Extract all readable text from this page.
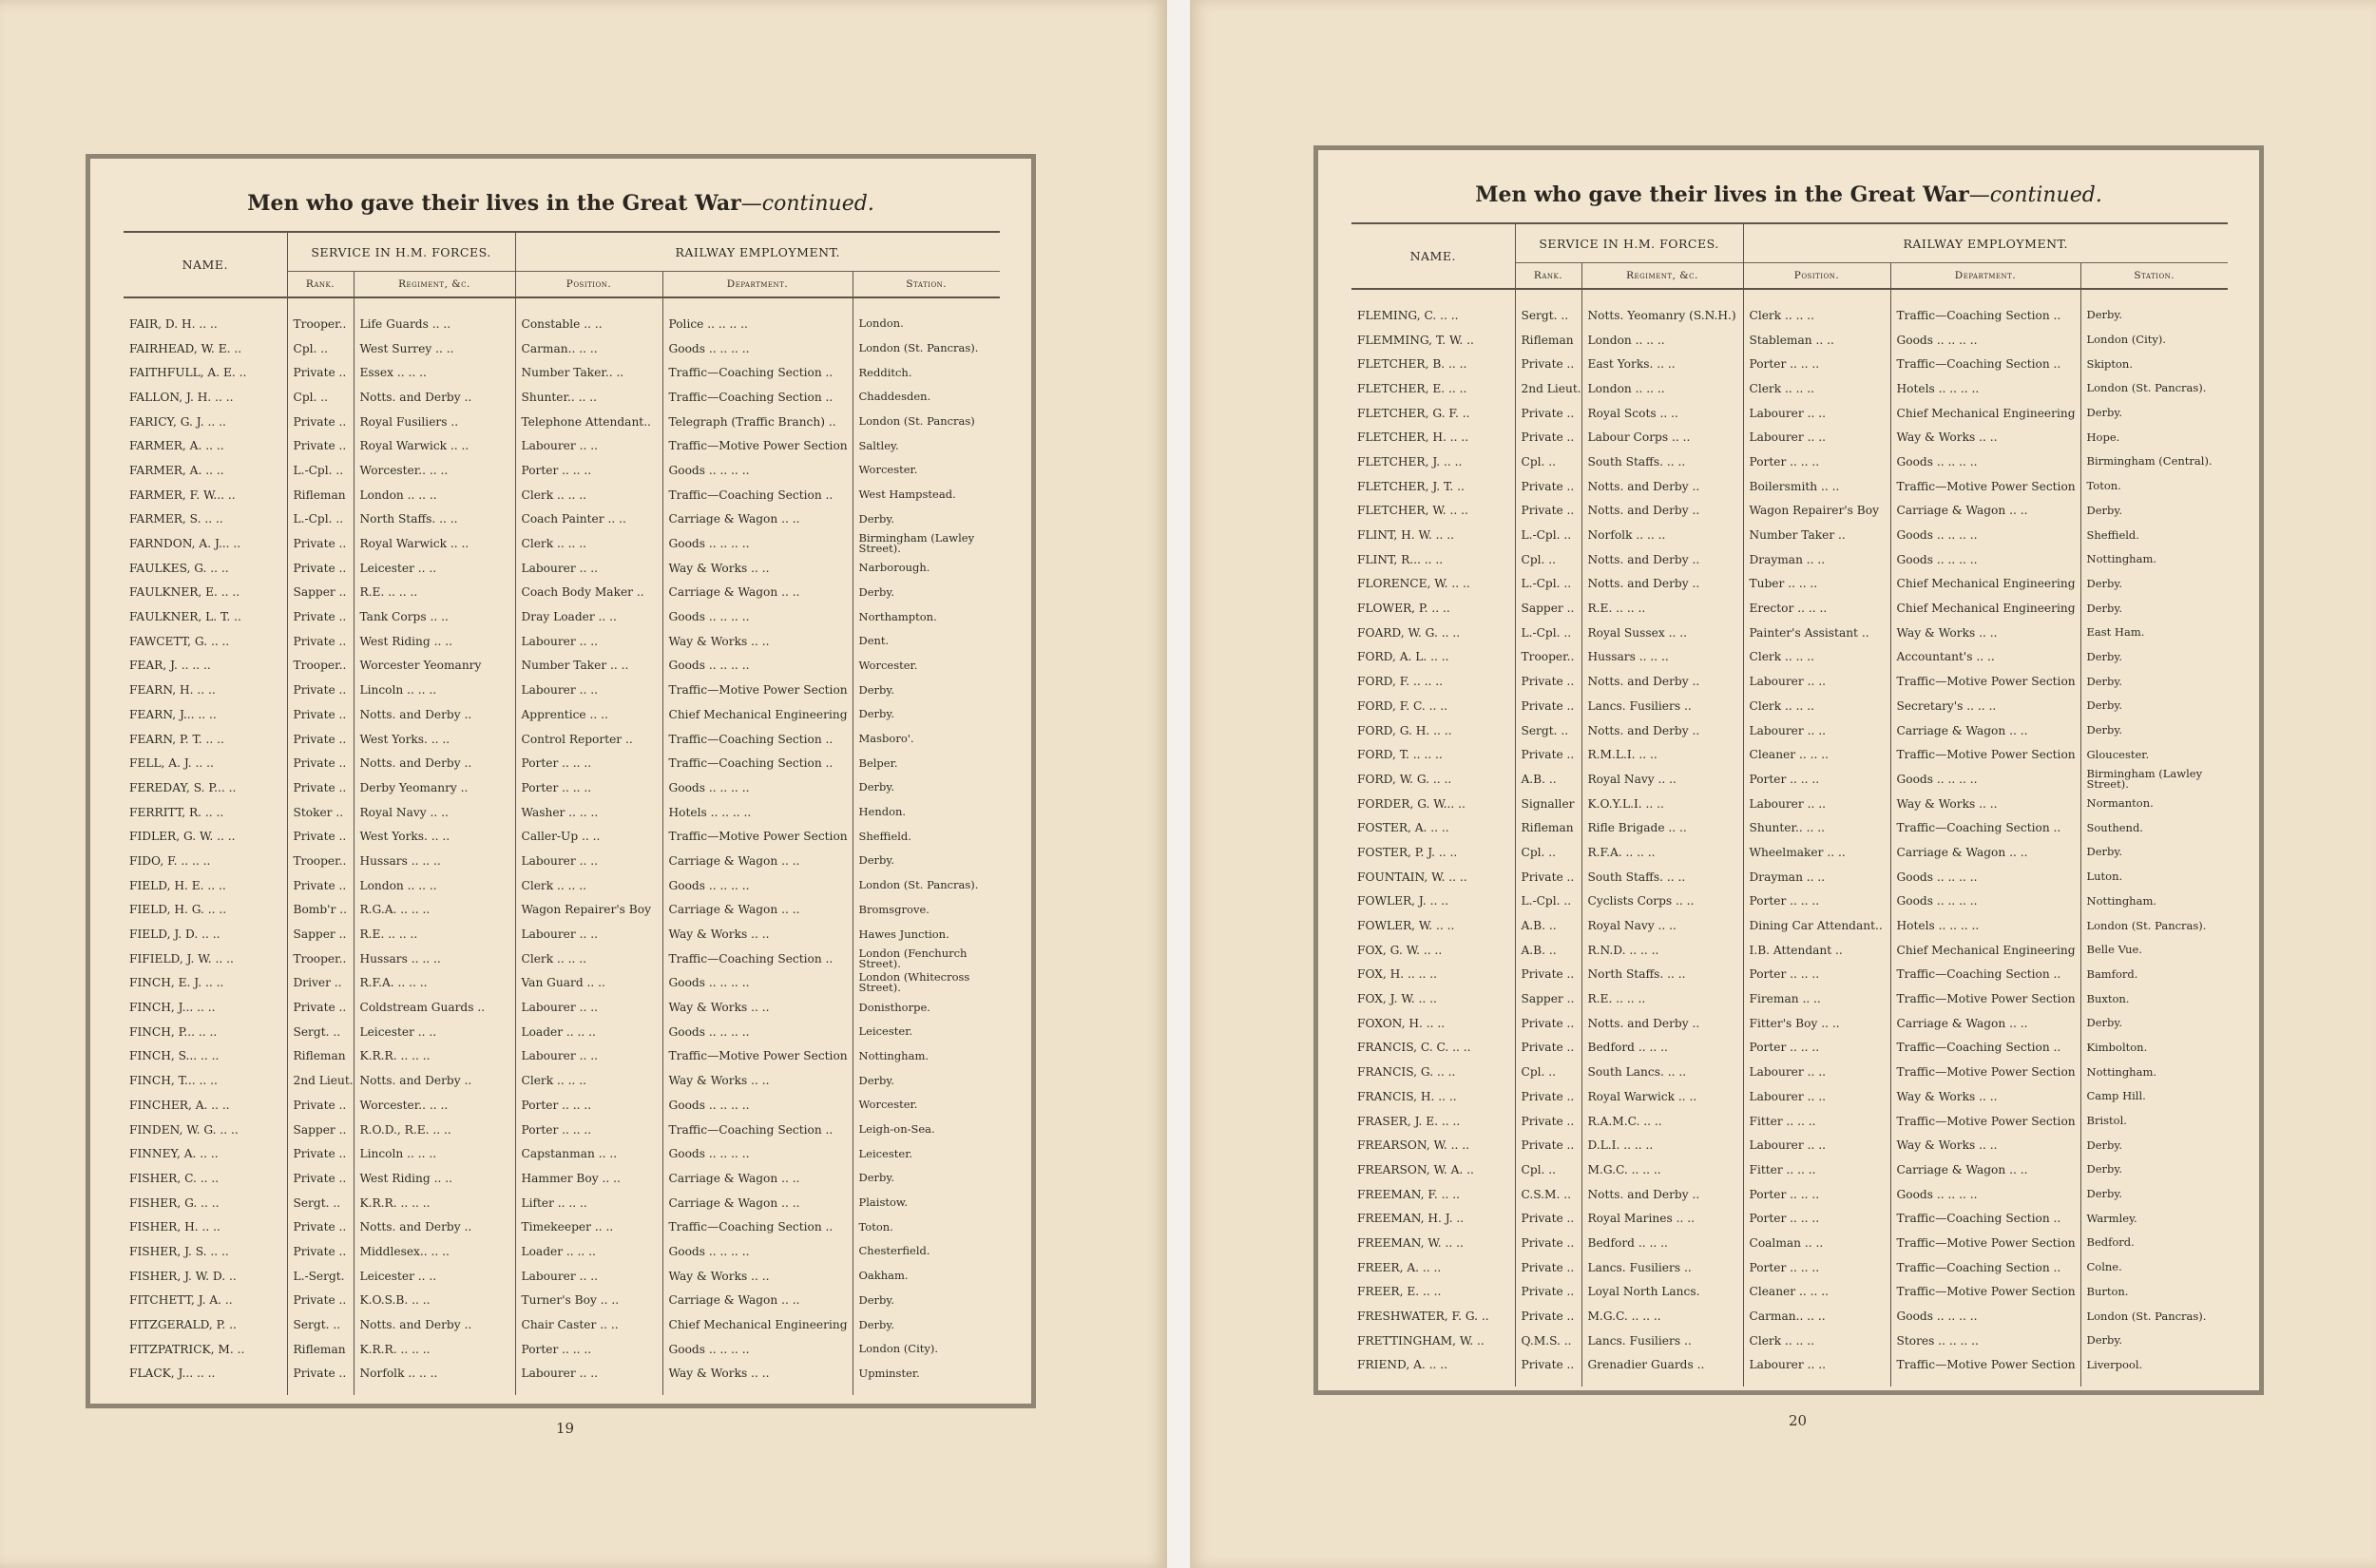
Men who gave their lives in the Great War—continued.
NAME.	SERVICE IN H.M. FORCES.		RAILWAY EMPLOYMENT.		
	Rank.	Regiment, &c.	Position.	Department.	Station.
FAIR, D. H. .. ..	Trooper..	Life Guards .. ..	Constable .. ..	Police .. .. .. ..	London.
FAIRHEAD, W. E. ..	Cpl. ..	West Surrey .. ..	Carman.. .. ..	Goods .. .. .. ..	London (St. Pancras).
FAITHFULL, A. E. ..	Private ..	Essex .. .. ..	Number Taker.. ..	Traffic—Coaching Section ..	Redditch.
FALLON, J. H. .. ..	Cpl. ..	Notts. and Derby ..	Shunter.. .. ..	Traffic—Coaching Section ..	Chaddesden.
FARICY, G. J. .. ..	Private ..	Royal Fusiliers ..	Telephone Attendant..	Telegraph (Traffic Branch) ..	London (St. Pancras)
FARMER, A. .. ..	Private ..	Royal Warwick .. ..	Labourer .. ..	Traffic—Motive Power Section	Saltley.
FARMER, A. .. ..	L.-Cpl. ..	Worcester.. .. ..	Porter .. .. ..	Goods .. .. .. ..	Worcester.
FARMER, F. W... ..	Rifleman	London .. .. ..	Clerk .. .. ..	Traffic—Coaching Section ..	West Hampstead.
FARMER, S. .. ..	L.-Cpl. ..	North Staffs. .. ..	Coach Painter .. ..	Carriage & Wagon .. ..	Derby.
FARNDON, A. J... ..	Private ..	Royal Warwick .. ..	Clerk .. .. ..	Goods .. .. .. ..	Birmingham (Lawley Street).
FAULKES, G. .. ..	Private ..	Leicester .. ..	Labourer .. ..	Way & Works .. ..	Narborough.
FAULKNER, E. .. ..	Sapper ..	R.E. .. .. ..	Coach Body Maker ..	Carriage & Wagon .. ..	Derby.
FAULKNER, L. T. ..	Private ..	Tank Corps .. ..	Dray Loader .. ..	Goods .. .. .. ..	Northampton.
FAWCETT, G. .. ..	Private ..	West Riding .. ..	Labourer .. ..	Way & Works .. ..	Dent.
FEAR, J. .. .. ..	Trooper..	Worcester Yeomanry	Number Taker .. ..	Goods .. .. .. ..	Worcester.
FEARN, H. .. ..	Private ..	Lincoln .. .. ..	Labourer .. ..	Traffic—Motive Power Section	Derby.
FEARN, J... .. ..	Private ..	Notts. and Derby ..	Apprentice .. ..	Chief Mechanical Engineering	Derby.
FEARN, P. T. .. ..	Private ..	West Yorks. .. ..	Control Reporter ..	Traffic—Coaching Section ..	Masboro'.
FELL, A. J. .. ..	Private ..	Notts. and Derby ..	Porter .. .. ..	Traffic—Coaching Section ..	Belper.
FEREDAY, S. P... ..	Private ..	Derby Yeomanry ..	Porter .. .. ..	Goods .. .. .. ..	Derby.
FERRITT, R. .. ..	Stoker ..	Royal Navy .. ..	Washer .. .. ..	Hotels .. .. .. ..	Hendon.
FIDLER, G. W. .. ..	Private ..	West Yorks. .. ..	Caller-Up .. ..	Traffic—Motive Power Section	Sheffield.
FIDO, F. .. .. ..	Trooper..	Hussars .. .. ..	Labourer .. ..	Carriage & Wagon .. ..	Derby.
FIELD, H. E. .. ..	Private ..	London .. .. ..	Clerk .. .. ..	Goods .. .. .. ..	London (St. Pancras).
FIELD, H. G. .. ..	Bomb'r ..	R.G.A. .. .. ..	Wagon Repairer's Boy	Carriage & Wagon .. ..	Bromsgrove.
FIELD, J. D. .. ..	Sapper ..	R.E. .. .. ..	Labourer .. ..	Way & Works .. ..	Hawes Junction.
FIFIELD, J. W. .. ..	Trooper..	Hussars .. .. ..	Clerk .. .. ..	Traffic—Coaching Section ..	London (Fenchurch Street).
FINCH, E. J. .. ..	Driver ..	R.F.A. .. .. ..	Van Guard .. ..	Goods .. .. .. ..	London (Whitecross Street).
FINCH, J... .. ..	Private ..	Coldstream Guards ..	Labourer .. ..	Way & Works .. ..	Donisthorpe.
FINCH, P... .. ..	Sergt. ..	Leicester .. ..	Loader .. .. ..	Goods .. .. .. ..	Leicester.
FINCH, S... .. ..	Rifleman	K.R.R. .. .. ..	Labourer .. ..	Traffic—Motive Power Section	Nottingham.
FINCH, T... .. ..	2nd Lieut.	Notts. and Derby ..	Clerk .. .. ..	Way & Works .. ..	Derby.
FINCHER, A. .. ..	Private ..	Worcester.. .. ..	Porter .. .. ..	Goods .. .. .. ..	Worcester.
FINDEN, W. G. .. ..	Sapper ..	R.O.D., R.E. .. ..	Porter .. .. ..	Traffic—Coaching Section ..	Leigh-on-Sea.
FINNEY, A. .. ..	Private ..	Lincoln .. .. ..	Capstanman .. ..	Goods .. .. .. ..	Leicester.
FISHER, C. .. ..	Private ..	West Riding .. ..	Hammer Boy .. ..	Carriage & Wagon .. ..	Derby.
FISHER, G. .. ..	Sergt. ..	K.R.R. .. .. ..	Lifter .. .. ..	Carriage & Wagon .. ..	Plaistow.
FISHER, H. .. ..	Private ..	Notts. and Derby ..	Timekeeper .. ..	Traffic—Coaching Section ..	Toton.
FISHER, J. S. .. ..	Private ..	Middlesex.. .. ..	Loader .. .. ..	Goods .. .. .. ..	Chesterfield.
FISHER, J. W. D. ..	L.-Sergt.	Leicester .. ..	Labourer .. ..	Way & Works .. ..	Oakham.
FITCHETT, J. A. ..	Private ..	K.O.S.B. .. ..	Turner's Boy .. ..	Carriage & Wagon .. ..	Derby.
FITZGERALD, P. ..	Sergt. ..	Notts. and Derby ..	Chair Caster .. ..	Chief Mechanical Engineering	Derby.
FITZPATRICK, M. ..	Rifleman	K.R.R. .. .. ..	Porter .. .. ..	Goods .. .. .. ..	London (City).
FLACK, J... .. ..	Private ..	Norfolk .. .. ..	Labourer .. ..	Way & Works .. ..	Upminster.
19
Men who gave their lives in the Great War—continued.
NAME.	SERVICE IN H.M. FORCES.		RAILWAY EMPLOYMENT.		
	Rank.	Regiment, &c.	Position.	Department.	Station.
FLEMING, C. .. ..	Sergt. ..	Notts. Yeomanry (S.N.H.)	Clerk .. .. ..	Traffic—Coaching Section ..	Derby.
FLEMMING, T. W. ..	Rifleman	London .. .. ..	Stableman .. ..	Goods .. .. .. ..	London (City).
FLETCHER, B. .. ..	Private ..	East Yorks. .. ..	Porter .. .. ..	Traffic—Coaching Section ..	Skipton.
FLETCHER, E. .. ..	2nd Lieut.	London .. .. ..	Clerk .. .. ..	Hotels .. .. .. ..	London (St. Pancras).
FLETCHER, G. F. ..	Private ..	Royal Scots .. ..	Labourer .. ..	Chief Mechanical Engineering	Derby.
FLETCHER, H. .. ..	Private ..	Labour Corps .. ..	Labourer .. ..	Way & Works .. ..	Hope.
FLETCHER, J. .. ..	Cpl. ..	South Staffs. .. ..	Porter .. .. ..	Goods .. .. .. ..	Birmingham (Central).
FLETCHER, J. T. ..	Private ..	Notts. and Derby ..	Boilersmith .. ..	Traffic—Motive Power Section	Toton.
FLETCHER, W. .. ..	Private ..	Notts. and Derby ..	Wagon Repairer's Boy	Carriage & Wagon .. ..	Derby.
FLINT, H. W. .. ..	L.-Cpl. ..	Norfolk .. .. ..	Number Taker ..	Goods .. .. .. ..	Sheffield.
FLINT, R... .. ..	Cpl. ..	Notts. and Derby ..	Drayman .. ..	Goods .. .. .. ..	Nottingham.
FLORENCE, W. .. ..	L.-Cpl. ..	Notts. and Derby ..	Tuber .. .. ..	Chief Mechanical Engineering	Derby.
FLOWER, P. .. ..	Sapper ..	R.E. .. .. ..	Erector .. .. ..	Chief Mechanical Engineering	Derby.
FOARD, W. G. .. ..	L.-Cpl. ..	Royal Sussex .. ..	Painter's Assistant ..	Way & Works .. ..	East Ham.
FORD, A. L. .. ..	Trooper..	Hussars .. .. ..	Clerk .. .. ..	Accountant's .. ..	Derby.
FORD, F. .. .. ..	Private ..	Notts. and Derby ..	Labourer .. ..	Traffic—Motive Power Section	Derby.
FORD, F. C. .. ..	Private ..	Lancs. Fusiliers ..	Clerk .. .. ..	Secretary's .. .. ..	Derby.
FORD, G. H. .. ..	Sergt. ..	Notts. and Derby ..	Labourer .. ..	Carriage & Wagon .. ..	Derby.
FORD, T. .. .. ..	Private ..	R.M.L.I. .. ..	Cleaner .. .. ..	Traffic—Motive Power Section	Gloucester.
FORD, W. G. .. ..	A.B. ..	Royal Navy .. ..	Porter .. .. ..	Goods .. .. .. ..	Birmingham (Lawley Street).
FORDER, G. W... ..	Signaller	K.O.Y.L.I. .. ..	Labourer .. ..	Way & Works .. ..	Normanton.
FOSTER, A. .. ..	Rifleman	Rifle Brigade .. ..	Shunter.. .. ..	Traffic—Coaching Section ..	Southend.
FOSTER, P. J. .. ..	Cpl. ..	R.F.A. .. .. ..	Wheelmaker .. ..	Carriage & Wagon .. ..	Derby.
FOUNTAIN, W. .. ..	Private ..	South Staffs. .. ..	Drayman .. ..	Goods .. .. .. ..	Luton.
FOWLER, J. .. ..	L.-Cpl. ..	Cyclists Corps .. ..	Porter .. .. ..	Goods .. .. .. ..	Nottingham.
FOWLER, W. .. ..	A.B. ..	Royal Navy .. ..	Dining Car Attendant..	Hotels .. .. .. ..	London (St. Pancras).
FOX, G. W. .. ..	A.B. ..	R.N.D. .. .. ..	I.B. Attendant ..	Chief Mechanical Engineering	Belle Vue.
FOX, H. .. .. ..	Private ..	North Staffs. .. ..	Porter .. .. ..	Traffic—Coaching Section ..	Bamford.
FOX, J. W. .. ..	Sapper ..	R.E. .. .. ..	Fireman .. ..	Traffic—Motive Power Section	Buxton.
FOXON, H. .. ..	Private ..	Notts. and Derby ..	Fitter's Boy .. ..	Carriage & Wagon .. ..	Derby.
FRANCIS, C. C. .. ..	Private ..	Bedford .. .. ..	Porter .. .. ..	Traffic—Coaching Section ..	Kimbolton.
FRANCIS, G. .. ..	Cpl. ..	South Lancs. .. ..	Labourer .. ..	Traffic—Motive Power Section	Nottingham.
FRANCIS, H. .. ..	Private ..	Royal Warwick .. ..	Labourer .. ..	Way & Works .. ..	Camp Hill.
FRASER, J. E. .. ..	Private ..	R.A.M.C. .. ..	Fitter .. .. ..	Traffic—Motive Power Section	Bristol.
FREARSON, W. .. ..	Private ..	D.L.I. .. .. ..	Labourer .. ..	Way & Works .. ..	Derby.
FREARSON, W. A. ..	Cpl. ..	M.G.C. .. .. ..	Fitter .. .. ..	Carriage & Wagon .. ..	Derby.
FREEMAN, F. .. ..	C.S.M. ..	Notts. and Derby ..	Porter .. .. ..	Goods .. .. .. ..	Derby.
FREEMAN, H. J. ..	Private ..	Royal Marines .. ..	Porter .. .. ..	Traffic—Coaching Section ..	Warmley.
FREEMAN, W. .. ..	Private ..	Bedford .. .. ..	Coalman .. ..	Traffic—Motive Power Section	Bedford.
FREER, A. .. ..	Private ..	Lancs. Fusiliers ..	Porter .. .. ..	Traffic—Coaching Section ..	Colne.
FREER, E. .. ..	Private ..	Loyal North Lancs.	Cleaner .. .. ..	Traffic—Motive Power Section	Burton.
FRESHWATER, F. G. ..	Private ..	M.G.C. .. .. ..	Carman.. .. ..	Goods .. .. .. ..	London (St. Pancras).
FRETTINGHAM, W. ..	Q.M.S. ..	Lancs. Fusiliers ..	Clerk .. .. ..	Stores .. .. .. ..	Derby.
FRIEND, A. .. ..	Private ..	Grenadier Guards ..	Labourer .. ..	Traffic—Motive Power Section	Liverpool.
20
